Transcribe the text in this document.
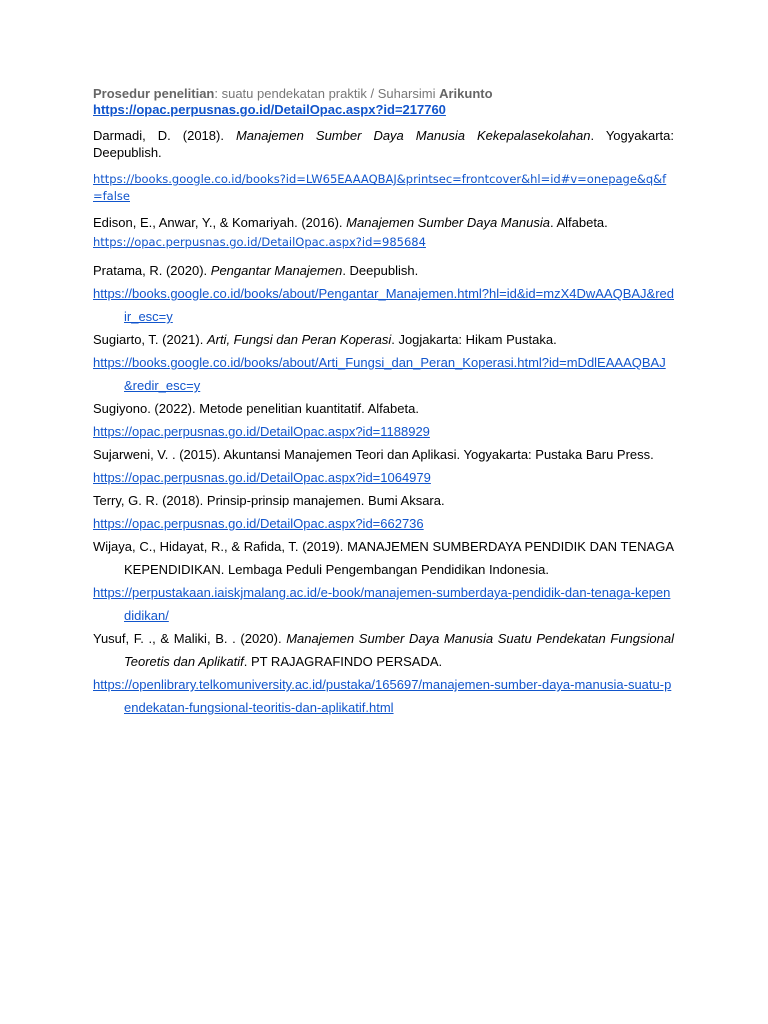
Prosedur penelitian: suatu pendekatan praktik / Suharsimi Arikunto
https://opac.perpusnas.go.id/DetailOpac.aspx?id=217760
Darmadi, D. (2018). Manajemen Sumber Daya Manusia Kekepalasekolahan. Yogyakarta: Deepublish.
https://books.google.co.id/books?id=LW65EAAAQBAJ&printsec=frontcover&hl=id#v=onepage&q&f=false
Edison, E., Anwar, Y., & Komariyah. (2016). Manajemen Sumber Daya Manusia. Alfabeta.
https://opac.perpusnas.go.id/DetailOpac.aspx?id=985684
Pratama, R. (2020). Pengantar Manajemen. Deepublish.
https://books.google.co.id/books/about/Pengantar_Manajemen.html?hl=id&id=mzX4DwAAQBAJ&redir_esc=y
Sugiarto, T. (2021). Arti, Fungsi dan Peran Koperasi. Jogjakarta: Hikam Pustaka.
https://books.google.co.id/books/about/Arti_Fungsi_dan_Peran_Koperasi.html?id=mDdlEAAAQBAJ&redir_esc=y
Sugiyono. (2022). Metode penelitian kuantitatif. Alfabeta.
https://opac.perpusnas.go.id/DetailOpac.aspx?id=1188929
Sujarweni, V. . (2015). Akuntansi Manajemen Teori dan Aplikasi. Yogyakarta: Pustaka Baru Press.
https://opac.perpusnas.go.id/DetailOpac.aspx?id=1064979
Terry, G. R. (2018). Prinsip-prinsip manajemen. Bumi Aksara.
https://opac.perpusnas.go.id/DetailOpac.aspx?id=662736
Wijaya, C., Hidayat, R., & Rafida, T. (2019). MANAJEMEN SUMBERDAYA PENDIDIK DAN TENAGA KEPENDIDIKAN. Lembaga Peduli Pengembangan Pendidikan Indonesia.
https://perpustakaan.iaiskjmalang.ac.id/e-book/manajemen-sumberdaya-pendidik-dan-tenaga-kependidikan/
Yusuf, F. ., & Maliki, B. . (2020). Manajemen Sumber Daya Manusia Suatu Pendekatan Fungsional Teoretis dan Aplikatif. PT RAJAGRAFINDO PERSADA.
https://openlibrary.telkomuniversity.ac.id/pustaka/165697/manajemen-sumber-daya-manusia-suatu-pendekatan-fungsional-teoritis-dan-aplikatif.html
